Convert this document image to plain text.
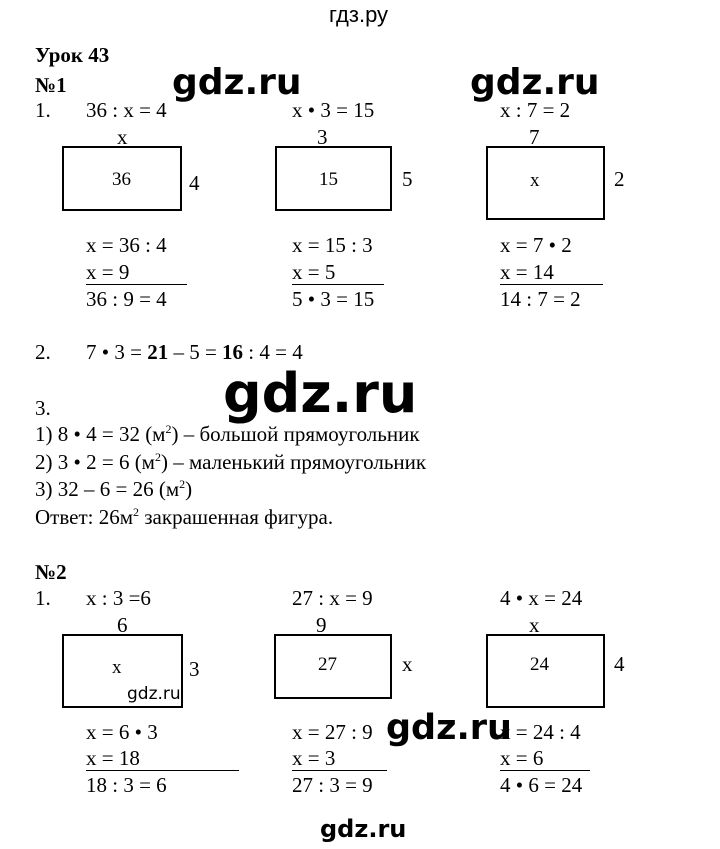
гдз.ру
Урок 43
№1
1. 36 : x = 4
x
36	4
x = 36 : 4
x = 9
36 : 9 = 4
x • 3 = 15
3
15	5
x = 15 : 3
x = 5
5 • 3 = 15
x : 7 = 2
7
x	2
x = 7 • 2
x = 14
14 : 7 = 2
2. 7 • 3 = 21 – 5 = 16 : 4 = 4
3.
1) 8 • 4 = 32 $(м^2)$ – большой прямоугольник
2) 3 • 2 = 6 $(м^2)$ – маленький прямоугольник
3) 32 – 6 = 26 $(м^2)$
Ответ: $26м^2$ закрашенная фигура.
№2
1. x : 3 =6
6
x	3
x = 6 • 3
x = 18
18 : 3 = 6
27 : x = 9
9
27	x
x = 27 : 9
x = 3
27 : 3 = 9
4 • x = 24
x
24	4
x = 24 : 4
x = 6
4 • 6 = 24
gdz.ru	gdz.ru
gdz.ru
gdz.ru
gdz.ru
gdz.ru
